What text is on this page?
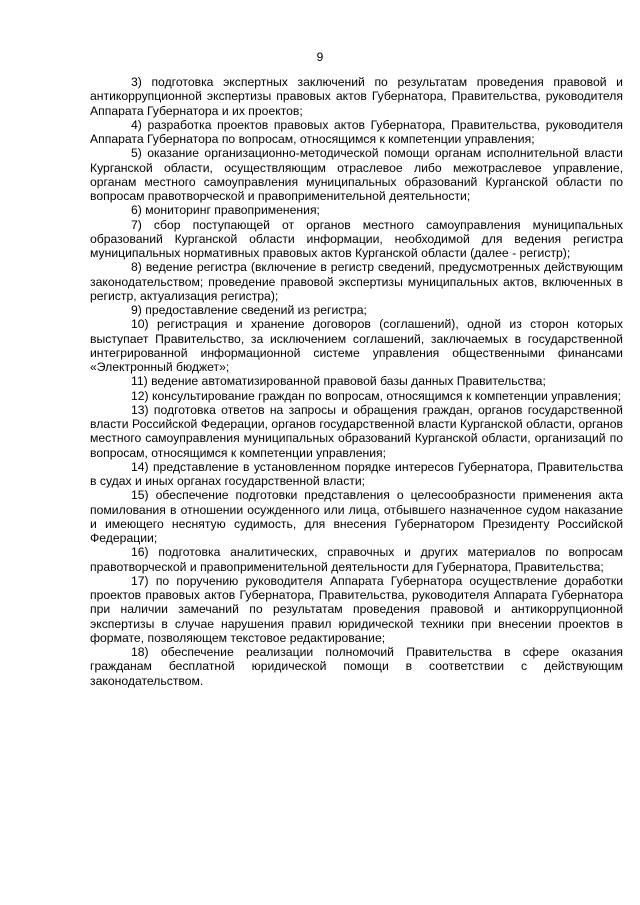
9

3) подготовка экспертных заключений по результатам проведения правовой и антикоррупционной экспертизы правовых актов Губернатора, Правительства, руководителя Аппарата Губернатора и их проектов;

4) разработка проектов правовых актов Губернатора, Правительства, руководителя Аппарата Губернатора по вопросам, относящимся к компетенции управления;

5) оказание организационно-методической помощи органам исполнительной власти Курганской области, осуществляющим отраслевое либо межотраслевое управление, органам местного самоуправления муниципальных образований Курганской области по вопросам правотворческой и правоприменительной деятельности;

6) мониторинг правоприменения;

7) сбор поступающей от органов местного самоуправления муниципальных образований Курганской области информации, необходимой для ведения регистра муниципальных нормативных правовых актов Курганской области (далее - регистр);

8) ведение регистра (включение в регистр сведений, предусмотренных действующим законодательством; проведение правовой экспертизы муниципальных актов, включенных в регистр, актуализация регистра);

9) предоставление сведений из регистра;

10) регистрация и хранение договоров (соглашений), одной из сторон которых выступает Правительство, за исключением соглашений, заключаемых в государственной интегрированной информационной системе управления общественными финансами «Электронный бюджет»;

11) ведение автоматизированной правовой базы данных Правительства;

12) консультирование граждан по вопросам, относящимся к компетенции управления;

13) подготовка ответов на запросы и обращения граждан, органов государственной власти Российской Федерации, органов государственной власти Курганской области, органов местного самоуправления муниципальных образований Курганской области, организаций по вопросам, относящимся к компетенции управления;

14) представление в установленном порядке интересов Губернатора, Правительства в судах и иных органах государственной власти;

15) обеспечение подготовки представления о целесообразности применения акта помилования в отношении осужденного или лица, отбывшего назначенное судом наказание и имеющего неснятую судимость, для внесения Губернатором Президенту Российской Федерации;

16) подготовка аналитических, справочных и других материалов по вопросам правотворческой и правоприменительной деятельности для Губернатора, Правительства;

17) по поручению руководителя Аппарата Губернатора осуществление доработки проектов правовых актов Губернатора, Правительства, руководителя Аппарата Губернатора при наличии замечаний по результатам проведения правовой и антикоррупционной экспертизы в случае нарушения правил юридической техники при внесении проектов в формате, позволяющем текстовое редактирование;

18) обеспечение реализации полномочий Правительства в сфере оказания гражданам бесплатной юридической помощи в соответствии с действующим законодательством.
